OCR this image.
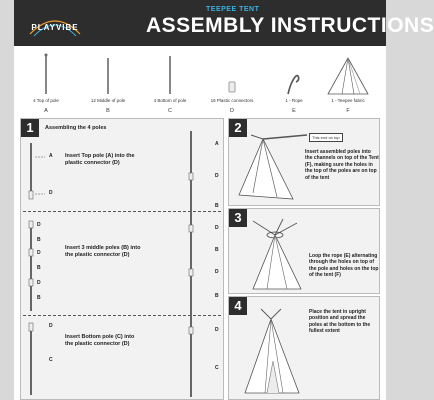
PLAYVIBE
TEEPEE TENT
ASSEMBLY INSTRUCTIONS
4 Top of pole
A
12 Middle of pole
B
4 Bottom of pole
C
16 Plastic connectors
D
1 - Rope
E
1 - Teepee fabric
F
1	Assembling the 4 poles
A
D
Insert Top pole (A) into the plastic connector (D)
D
B
D
B
D
B
Insert 3 middle poles (B) into the plastic connector (D)
D
C
Insert Bottom pole (C) into the plastic connector (D)
A
D
B
D
B
D
B
D
C
2
This end on top
Insert assembled poles into the channels on top of the Tent (F), making sure the holes in the top of the poles are on top of the tent
3
Loop the rope (E) alternating through the holes on top of the pole and holes on the top of the tent (F)
4	Place the tent in upright position and spread the poles at the bottom to the fullest extent
